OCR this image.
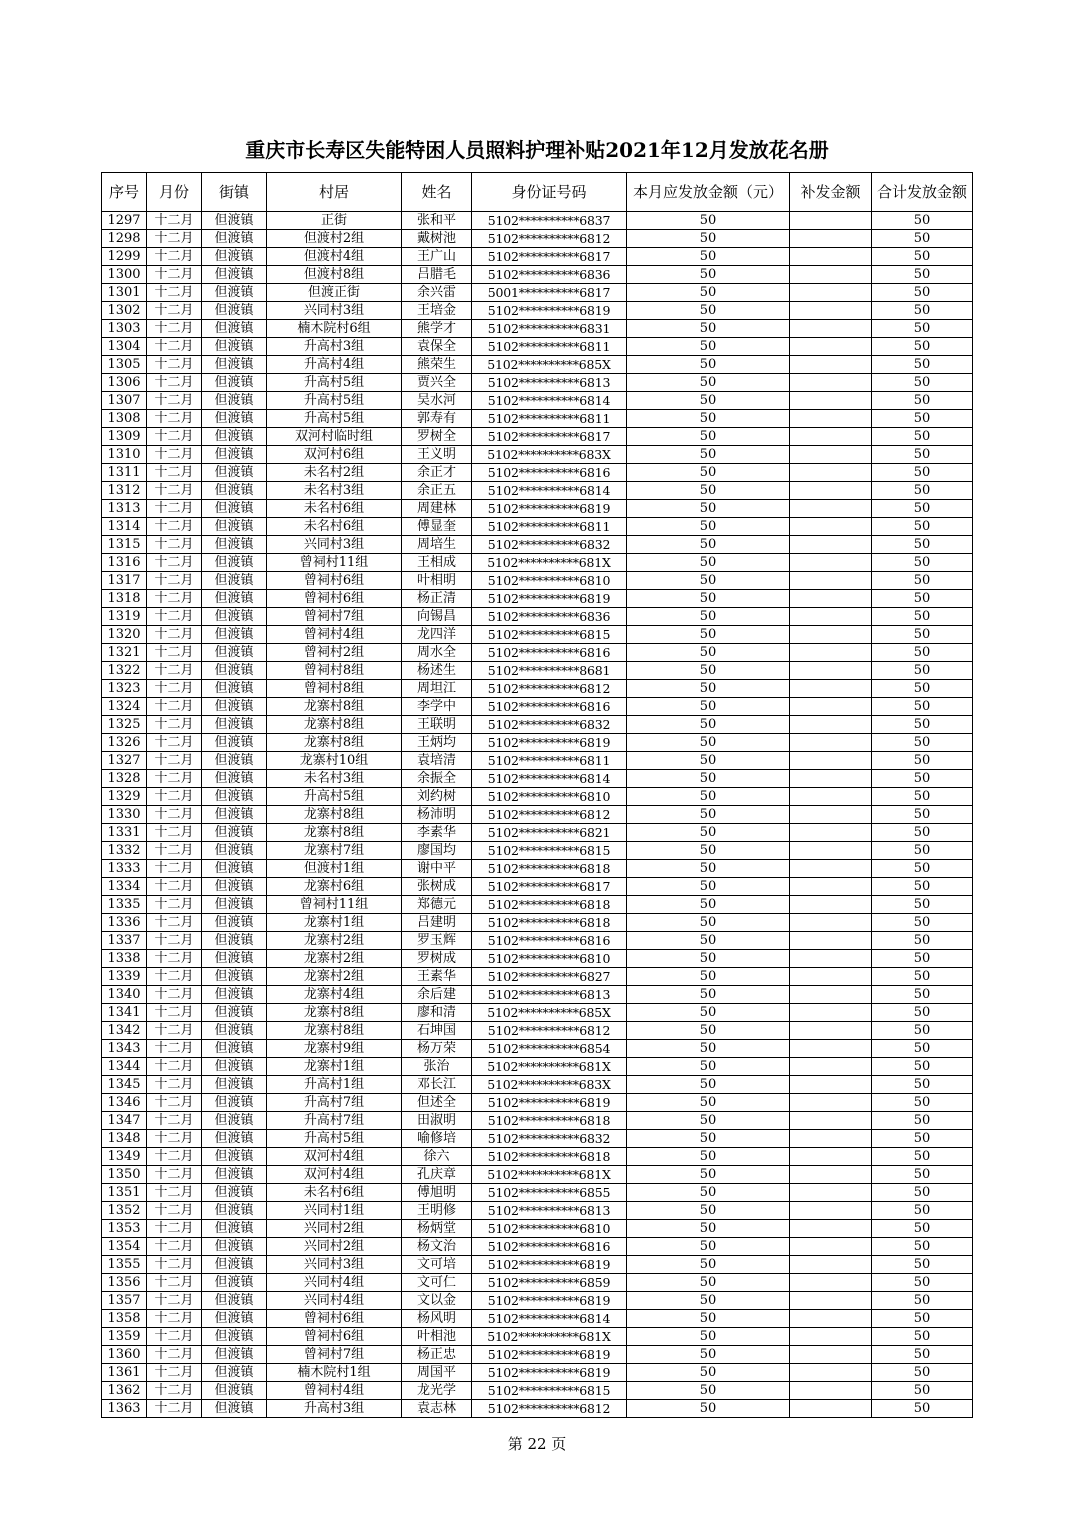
重庆市长寿区失能特困人员照料护理补贴2021年12月发放花名册
序号	月份	街镇	村居	姓名	身份证号码	本月应发放金额（元）	补发金额	合计发放金额
1297	十二月	但渡镇	正街	张和平	5102**********6837	50		50
1298	十二月	但渡镇	但渡村2组	戴树池	5102**********6812	50		50
1299	十二月	但渡镇	但渡村4组	王广山	5102**********6817	50		50
1300	十二月	但渡镇	但渡村8组	吕腊毛	5102**********6836	50		50
1301	十二月	但渡镇	但渡正街	余兴雷	5001**********6817	50		50
1302	十二月	但渡镇	兴同村3组	王培金	5102**********6819	50		50
1303	十二月	但渡镇	楠木院村6组	熊学才	5102**********6831	50		50
1304	十二月	但渡镇	升高村3组	袁保全	5102**********6811	50		50
1305	十二月	但渡镇	升高村4组	熊荣生	5102**********685X	50		50
1306	十二月	但渡镇	升高村5组	贾兴全	5102**********6813	50		50
1307	十二月	但渡镇	升高村5组	吴水河	5102**********6814	50		50
1308	十二月	但渡镇	升高村5组	郭寿有	5102**********6811	50		50
1309	十二月	但渡镇	双河村临时组	罗树全	5102**********6817	50		50
1310	十二月	但渡镇	双河村6组	王义明	5102**********683X	50		50
1311	十二月	但渡镇	未名村2组	余正才	5102**********6816	50		50
1312	十二月	但渡镇	未名村3组	余正五	5102**********6814	50		50
1313	十二月	但渡镇	未名村6组	周建林	5102**********6819	50		50
1314	十二月	但渡镇	未名村6组	傅显奎	5102**********6811	50		50
1315	十二月	但渡镇	兴同村3组	周培生	5102**********6832	50		50
1316	十二月	但渡镇	曾祠村11组	王相成	5102**********681X	50		50
1317	十二月	但渡镇	曾祠村6组	叶相明	5102**********6810	50		50
1318	十二月	但渡镇	曾祠村6组	杨正清	5102**********6819	50		50
1319	十二月	但渡镇	曾祠村7组	向锡昌	5102**********6836	50		50
1320	十二月	但渡镇	曾祠村4组	龙四洋	5102**********6815	50		50
1321	十二月	但渡镇	曾祠村2组	周水全	5102**********6816	50		50
1322	十二月	但渡镇	曾祠村8组	杨述生	5102**********8681	50		50
1323	十二月	但渡镇	曾祠村8组	周坦江	5102**********6812	50		50
1324	十二月	但渡镇	龙寨村8组	李学中	5102**********6816	50		50
1325	十二月	但渡镇	龙寨村8组	王联明	5102**********6832	50		50
1326	十二月	但渡镇	龙寨村8组	王炳均	5102**********6819	50		50
1327	十二月	但渡镇	龙寨村10组	袁培清	5102**********6811	50		50
1328	十二月	但渡镇	未名村3组	余振全	5102**********6814	50		50
1329	十二月	但渡镇	升高村5组	刘约树	5102**********6810	50		50
1330	十二月	但渡镇	龙寨村8组	杨沛明	5102**********6812	50		50
1331	十二月	但渡镇	龙寨村8组	李素华	5102**********6821	50		50
1332	十二月	但渡镇	龙寨村7组	廖国均	5102**********6815	50		50
1333	十二月	但渡镇	但渡村1组	谢中平	5102**********6818	50		50
1334	十二月	但渡镇	龙寨村6组	张树成	5102**********6817	50		50
1335	十二月	但渡镇	曾祠村11组	郑德元	5102**********6818	50		50
1336	十二月	但渡镇	龙寨村1组	吕建明	5102**********6818	50		50
1337	十二月	但渡镇	龙寨村2组	罗玉辉	5102**********6816	50		50
1338	十二月	但渡镇	龙寨村2组	罗树成	5102**********6810	50		50
1339	十二月	但渡镇	龙寨村2组	王素华	5102**********6827	50		50
1340	十二月	但渡镇	龙寨村4组	余后建	5102**********6813	50		50
1341	十二月	但渡镇	龙寨村8组	廖和清	5102**********685X	50		50
1342	十二月	但渡镇	龙寨村8组	石坤国	5102**********6812	50		50
1343	十二月	但渡镇	龙寨村9组	杨万荣	5102**********6854	50		50
1344	十二月	但渡镇	龙寨村1组	张治	5102**********681X	50		50
1345	十二月	但渡镇	升高村1组	邓长江	5102**********683X	50		50
1346	十二月	但渡镇	升高村7组	但述全	5102**********6819	50		50
1347	十二月	但渡镇	升高村7组	田淑明	5102**********6818	50		50
1348	十二月	但渡镇	升高村5组	喻修培	5102**********6832	50		50
1349	十二月	但渡镇	双河村4组	徐六	5102**********6818	50		50
1350	十二月	但渡镇	双河村4组	孔庆章	5102**********681X	50		50
1351	十二月	但渡镇	未名村6组	傅旭明	5102**********6855	50		50
1352	十二月	但渡镇	兴同村1组	王明修	5102**********6813	50		50
1353	十二月	但渡镇	兴同村2组	杨炳堂	5102**********6810	50		50
1354	十二月	但渡镇	兴同村2组	杨文治	5102**********6816	50		50
1355	十二月	但渡镇	兴同村3组	文可培	5102**********6819	50		50
1356	十二月	但渡镇	兴同村4组	文可仁	5102**********6859	50		50
1357	十二月	但渡镇	兴同村4组	文以金	5102**********6819	50		50
1358	十二月	但渡镇	曾祠村6组	杨风明	5102**********6814	50		50
1359	十二月	但渡镇	曾祠村6组	叶相池	5102**********681X	50		50
1360	十二月	但渡镇	曾祠村7组	杨正忠	5102**********6819	50		50
1361	十二月	但渡镇	楠木院村1组	周国平	5102**********6819	50		50
1362	十二月	但渡镇	曾祠村4组	龙光学	5102**********6815	50		50
1363	十二月	但渡镇	升高村3组	袁志林	5102**********6812	50		50
第 22 页
